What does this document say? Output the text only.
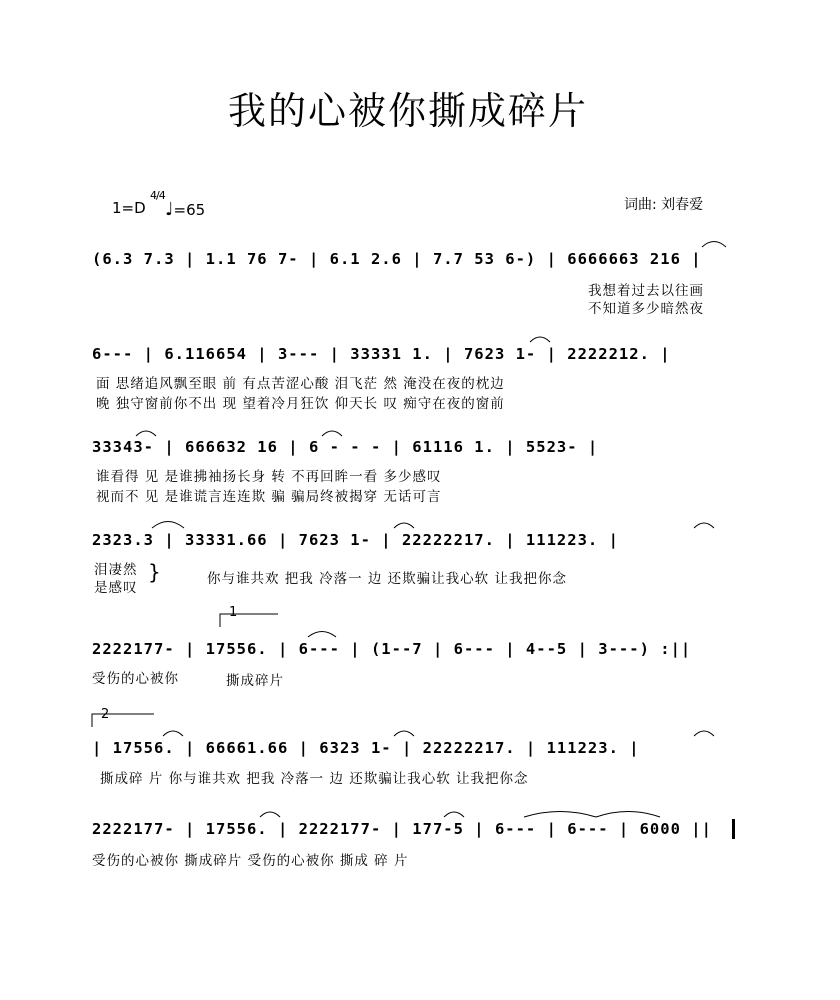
我的心被你撕成碎片
1=D
4/4
♩=65	词曲: 刘春爱
(6.3 7.3 | 1.1 76 7- | 6.1 2.6 | 7.7 53 6-) | 6666663 216 |
我想着过去以往画
不知道多少暗然夜
6--- | 6.116654 | 3--- | 33331 1. | 7623 1- | 2222212. |
面 思绪追风飘至眼 前 有点苦涩心酸 泪飞茫 然 淹没在夜的枕边
晚 独守窗前你不出 现 望着冷月狂饮 仰天长 叹 痴守在夜的窗前
33343- | 666632 16 | 6 - - - | 61116 1. | 5523- |
谁看得 见 是谁拂袖扬长身 转 不再回眸一看 多少感叹
视而不 见 是谁谎言连连欺 骗 骗局终被揭穿 无话可言
2323.3 | 33331.66 | 7623 1- | 22222217. | 111223. |
泪凄然
是感叹
}	你与谁共欢 把我 冷落一 边 还欺骗让我心软 让我把你念
1
2222177- | 17556. | 6--- | (1--7 | 6--- | 4--5 | 3---) :||
受伤的心被你	撕成碎片
2
| 17556. | 66661.66 | 6323 1- | 22222217. | 111223. |
撕成碎 片 你与谁共欢 把我 冷落一 边 还欺骗让我心软 让我把你念
2222177- | 17556. | 2222177- | 177-5 | 6--- | 6--- | 6000 ||
受伤的心被你 撕成碎片 受伤的心被你 撕成 碎 片
